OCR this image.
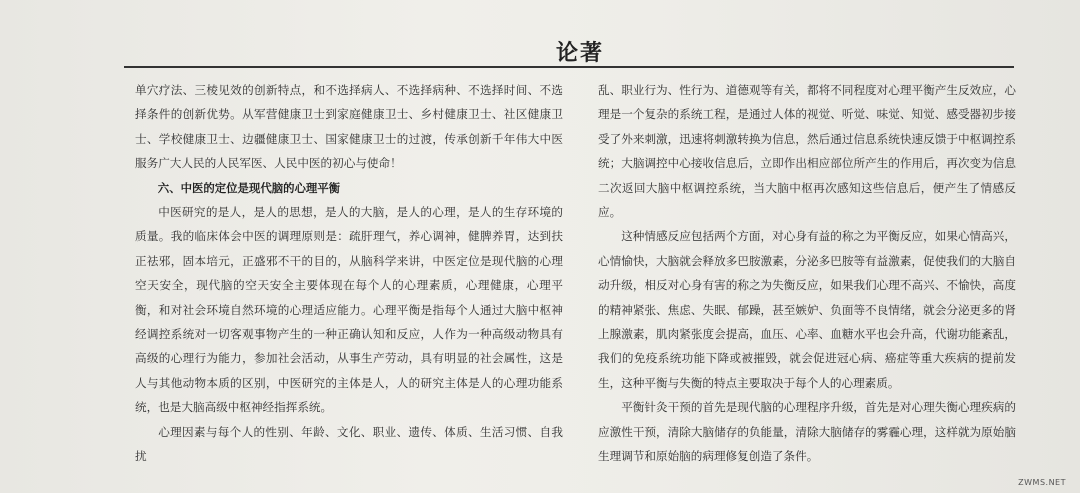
论著

单穴疗法、三棱见效的创新特点，和不选择病人、不选择病种、不选择时间、不选择条件的创新优势。从军营健康卫士到家庭健康卫士、乡村健康卫士、社区健康卫士、学校健康卫士、边疆健康卫士、国家健康卫士的过渡，传承创新千年伟大中医服务广大人民的人民军医、人民中医的初心与使命！

六、中医的定位是现代脑的心理平衡

中医研究的是人，是人的思想，是人的大脑，是人的心理，是人的生存环境的质量。我的临床体会中医的调理原则是：疏肝理气，养心调神，健脾养胃，达到扶正祛邪，固本培元，正盛邪不干的目的，从脑科学来讲，中医定位是现代脑的心理空天安全，现代脑的空天安全主要体现在每个人的心理素质，心理健康，心理平衡，和对社会环境自然环境的心理适应能力。心理平衡是指每个人通过大脑中枢神经调控系统对一切客观事物产生的一种正确认知和反应，人作为一种高级动物具有高级的心理行为能力，参加社会活动，从事生产劳动，具有明显的社会属性，这是人与其他动物本质的区别，中医研究的主体是人，人的研究主体是人的心理功能系统，也是大脑高级中枢神经指挥系统。

心理因素与每个人的性别、年龄、文化、职业、遗传、体质、生活习惯、自我扰

乱、职业行为、性行为、道德观等有关，都将不同程度对心理平衡产生反效应，心理是一个复杂的系统工程，是通过人体的视觉、听觉、味觉、知觉、感受器初步接受了外来刺激，迅速将刺激转换为信息，然后通过信息系统快速反馈于中枢调控系统；大脑调控中心接收信息后，立即作出相应部位所产生的作用后，再次变为信息二次返回大脑中枢调控系统，当大脑中枢再次感知这些信息后，便产生了情感反应。

这种情感反应包括两个方面，对心身有益的称之为平衡反应，如果心情高兴，心情愉快，大脑就会释放多巴胺激素，分泌多巴胺等有益激素，促使我们的大脑自动升级，相反对心身有害的称之为失衡反应，如果我们心理不高兴、不愉快，高度的精神紧张、焦虑、失眠、郁躁，甚至嫉妒、负面等不良情绪，就会分泌更多的肾上腺激素，肌肉紧张度会提高，血压、心率、血糖水平也会升高，代谢功能紊乱，我们的免疫系统功能下降或被摧毁，就会促进冠心病、癌症等重大疾病的提前发生，这种平衡与失衡的特点主要取决于每个人的心理素质。

平衡针灸干预的首先是现代脑的心理程序升级，首先是对心理失衡心理疾病的应激性干预，清除大脑储存的负能量，清除大脑储存的雾霾心理，这样就为原始脑生理调节和原始脑的病理修复创造了条件。

ZWMS.NET
